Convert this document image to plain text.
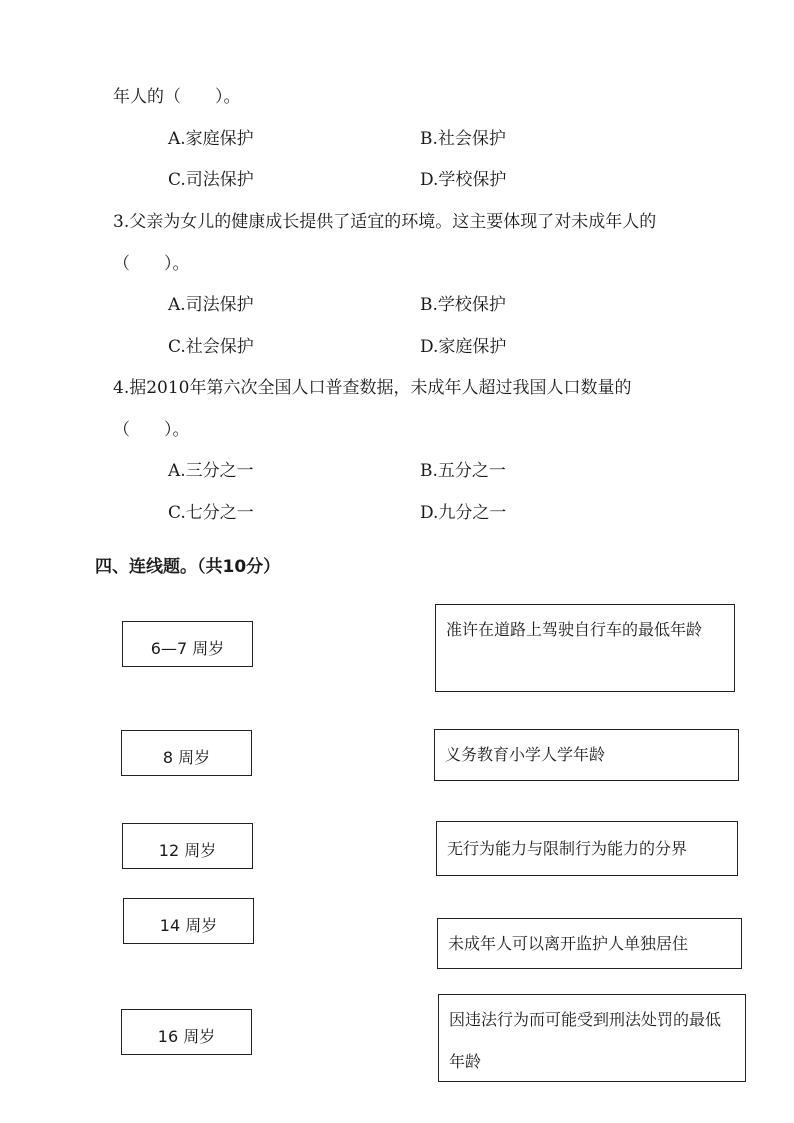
年人的（　　）。
A.家庭保护	B.社会保护
C.司法保护	D.学校保护
3.父亲为女儿的健康成长提供了适宜的环境。这主要体现了对未成年人的
（　　）。
A.司法保护	B.学校保护
C.社会保护	D.家庭保护
4.据2010年第六次全国人口普查数据，未成年人超过我国人口数量的
（　　）。
A.三分之一	B.五分之一
C.七分之一	D.九分之一
四、连线题。（共10分）
6—7 周岁
8 周岁
12 周岁
14 周岁
16 周岁
准许在道路上驾驶自行车的最低年龄
义务教育小学人学年龄
无行为能力与限制行为能力的分界
未成年人可以离开监护人单独居住
因违法行为而可能受到刑法处罚的最低年龄
